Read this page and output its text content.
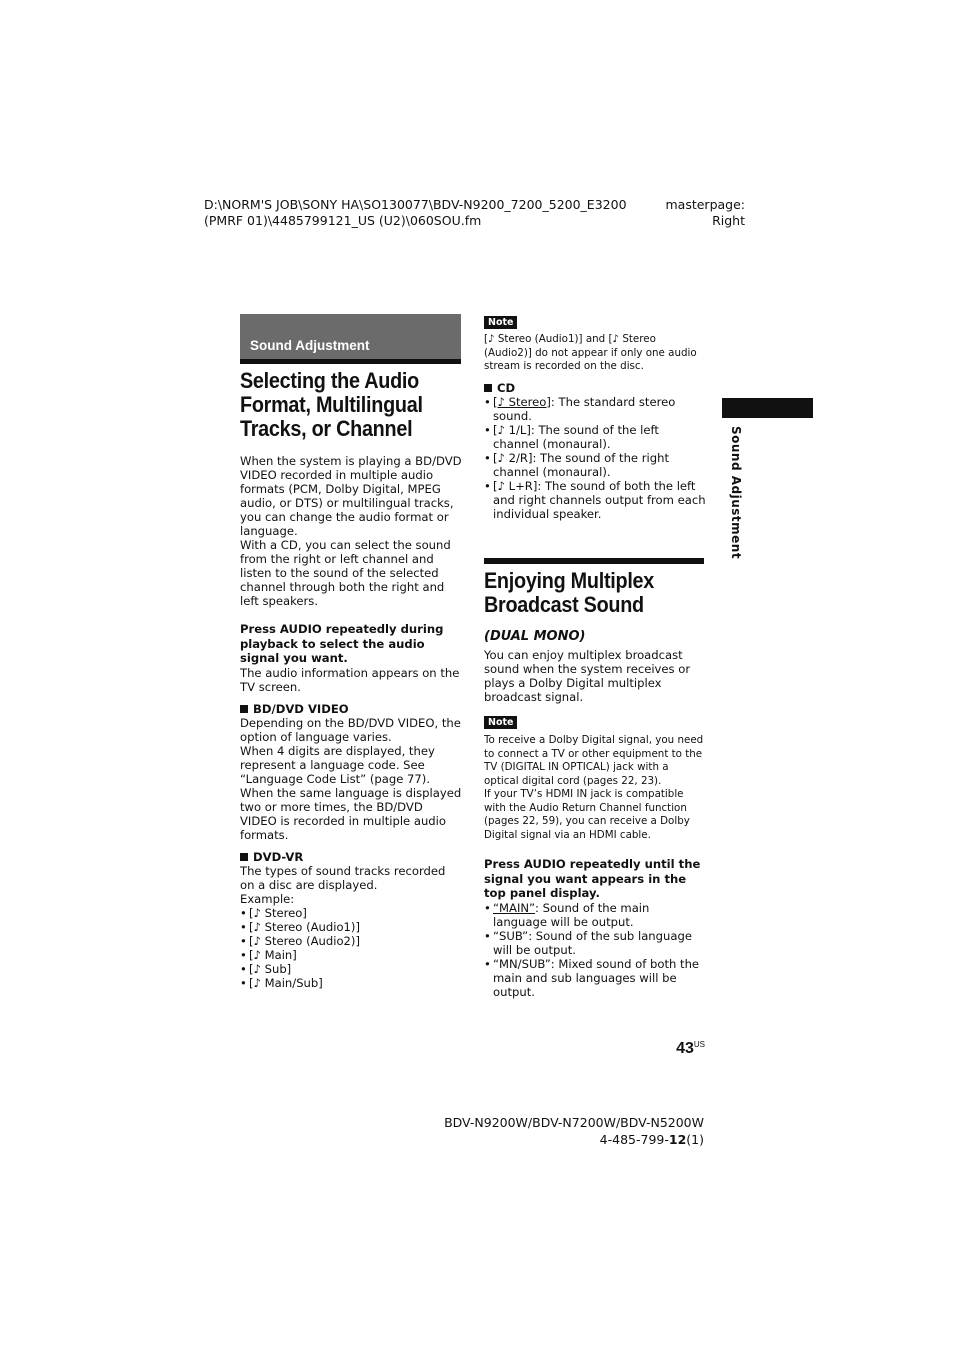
D:\NORM'S JOB\SONY HA\SO130077\BDV-N9200_7200_5200_E3200
(PMRF 01)\4485799121_US (U2)\060SOU.fm
masterpage:
Right
Sound Adjustment
Selecting the Audio
Format, Multilingual
Tracks, or Channel
When the system is playing a BD/DVD VIDEO recorded in multiple audio formats (PCM, Dolby Digital, MPEG audio, or DTS) or multilingual tracks, you can change the audio format or language.
With a CD, you can select the sound from the right or left channel and listen to the sound of the selected channel through both the right and left speakers.
Press AUDIO repeatedly during playback to select the audio signal you want.
The audio information appears on the TV screen.
BD/DVD VIDEO
Depending on the BD/DVD VIDEO, the option of language varies.
When 4 digits are displayed, they represent a language code. See “Language Code List” (page 77). When the same language is displayed two or more times, the BD/DVD VIDEO is recorded in multiple audio formats.
DVD-VR
The types of sound tracks recorded on a disc are displayed.
Example:
• [♪ Stereo]
• [♪ Stereo (Audio1)]
• [♪ Stereo (Audio2)]
• [♪ Main]
• [♪ Sub]
• [♪ Main/Sub]
Note
[♪ Stereo (Audio1)] and [♪ Stereo (Audio2)] do not appear if only one audio stream is recorded on the disc.
CD
• [♪ Stereo]: The standard stereo sound.
• [♪ 1/L]: The sound of the left channel (monaural).
• [♪ 2/R]: The sound of the right channel (monaural).
• [♪ L+R]: The sound of both the left and right channels output from each individual speaker.
Enjoying Multiplex
Broadcast Sound
(DUAL MONO)
You can enjoy multiplex broadcast sound when the system receives or plays a Dolby Digital multiplex broadcast signal.
Note
To receive a Dolby Digital signal, you need to connect a TV or other equipment to the TV (DIGITAL IN OPTICAL) jack with a optical digital cord (pages 22, 23).
If your TV’s HDMI IN jack is compatible with the Audio Return Channel function (pages 22, 59), you can receive a Dolby Digital signal via an HDMI cable.
Press AUDIO repeatedly until the signal you want appears in the top panel display.
• “MAIN”: Sound of the main language will be output.
• “SUB”: Sound of the sub language will be output.
• “MN/SUB”: Mixed sound of both the main and sub languages will be output.
Sound Adjustment
$43^{US}$
BDV-N9200W/BDV-N7200W/BDV-N5200W
4-485-799-12(1)
